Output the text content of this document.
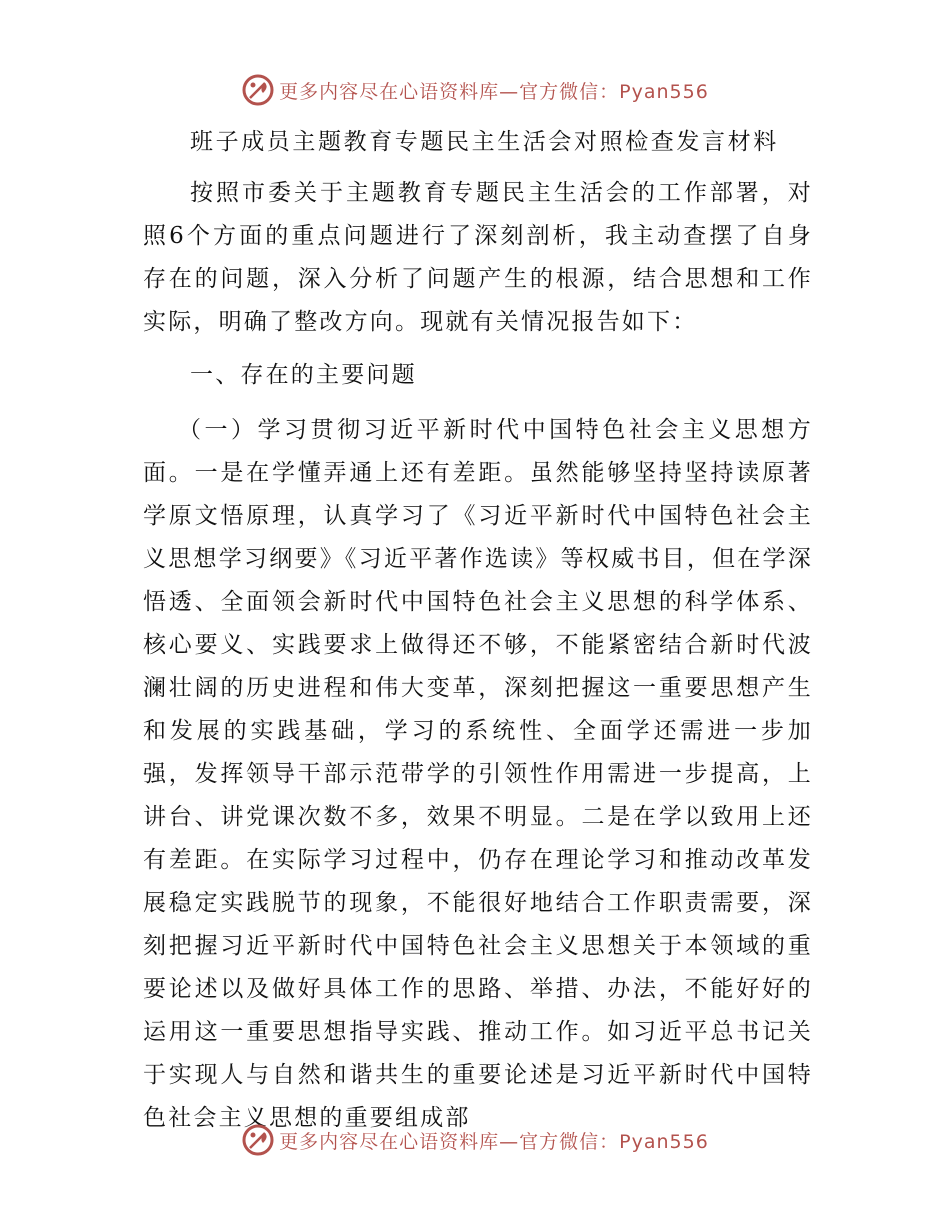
更多内容尽在心语资料库—官方微信：Pyan556
班子成员主题教育专题民主生活会对照检查发言材料

按照市委关于主题教育专题民主生活会的工作部署，对照6个方面的重点问题进行了深刻剖析，我主动查摆了自身存在的问题，深入分析了问题产生的根源，结合思想和工作实际，明确了整改方向。现就有关情况报告如下：

一、存在的主要问题

（一）学习贯彻习近平新时代中国特色社会主义思想方面。一是在学懂弄通上还有差距。虽然能够坚持坚持读原著学原文悟原理，认真学习了《习近平新时代中国特色社会主义思想学习纲要》《习近平著作选读》等权威书目，但在学深悟透、全面领会新时代中国特色社会主义思想的科学体系、核心要义、实践要求上做得还不够，不能紧密结合新时代波澜壮阔的历史进程和伟大变革，深刻把握这一重要思想产生和发展的实践基础，学习的系统性、全面学还需进一步加强，发挥领导干部示范带学的引领性作用需进一步提高，上讲台、讲党课次数不多，效果不明显。二是在学以致用上还有差距。在实际学习过程中，仍存在理论学习和推动改革发展稳定实践脱节的现象，不能很好地结合工作职责需要，深刻把握习近平新时代中国特色社会主义思想关于本领域的重要论述以及做好具体工作的思路、举措、办法，不能好好的运用这一重要思想指导实践、推动工作。如习近平总书记关于实现人与自然和谐共生的重要论述是习近平新时代中国特色社会主义思想的重要组成部

更多内容尽在心语资料库—官方微信：Pyan556
